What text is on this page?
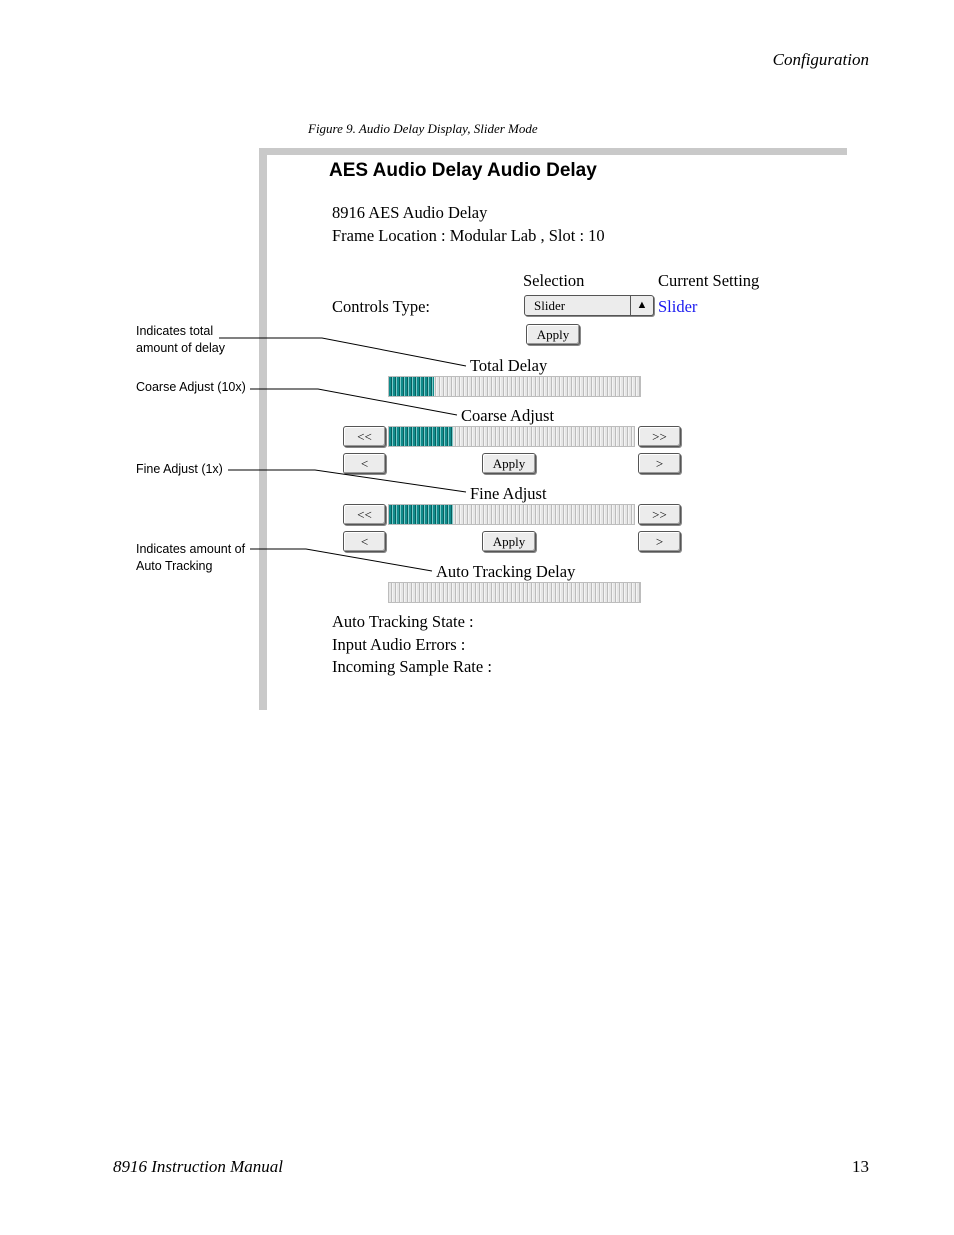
Configuration
Figure 9. Audio Delay Display, Slider Mode
AES Audio Delay Audio Delay
8916 AES Audio Delay
Frame Location : Modular Lab , Slot : 10
Selection	Current Setting
Controls Type:	Slider	▲ Slider
Apply
Total Delay
Coarse Adjust
<<	>>
<	Apply	>
Fine Adjust
<<	>>
<	Apply	>
Auto Tracking Delay
Auto Tracking State :
Input Audio Errors :
Incoming Sample Rate :
Indicates total
amount of delay
Coarse Adjust (10x)
Fine Adjust (1x)
Indicates amount of
Auto Tracking
8916 Instruction Manual	13
